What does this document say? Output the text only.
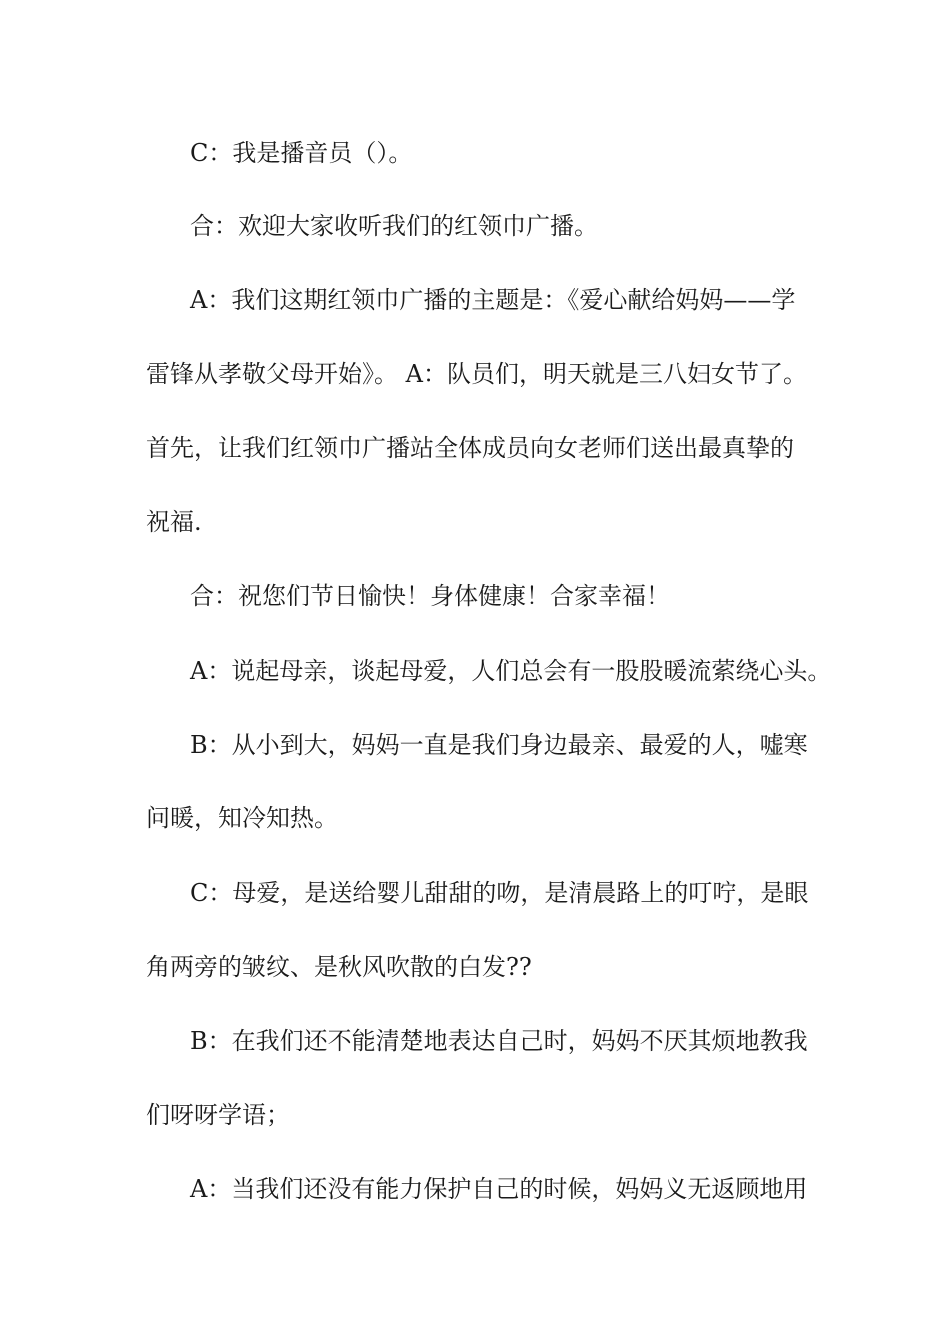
C：我是播音员（）。
合：欢迎大家收听我们的红领巾广播。
A：我们这期红领巾广播的主题是：《爱心献给妈妈——学
雷锋从孝敬父母开始》。 A：队员们，明天就是三八妇女节了。
首先，让我们红领巾广播站全体成员向女老师们送出最真挚的
祝福.
合：祝您们节日愉快！身体健康！合家幸福！
A：说起母亲，谈起母爱，人们总会有一股股暖流萦绕心头。
B：从小到大，妈妈一直是我们身边最亲、最爱的人，嘘寒
问暖，知冷知热。
C：母爱，是送给婴儿甜甜的吻，是清晨路上的叮咛，是眼
角两旁的皱纹、是秋风吹散的白发??
B：在我们还不能清楚地表达自己时，妈妈不厌其烦地教我
们呀呀学语；
A：当我们还没有能力保护自己的时候，妈妈义无返顾地用
